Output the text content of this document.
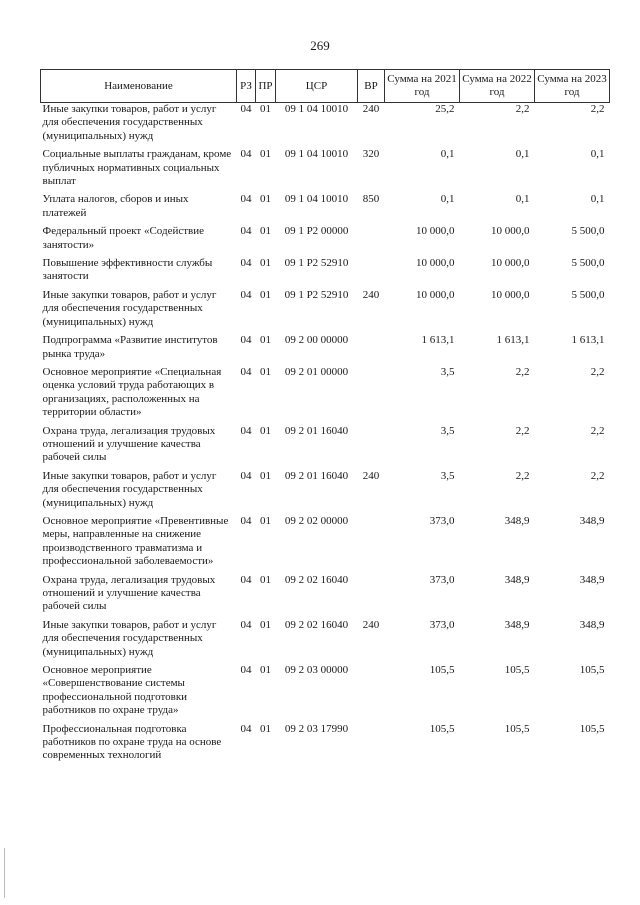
269
Наименование	РЗ	ПР	ЦСР	ВР	Сумма на 2021 год	Сумма на 2022 год	Сумма на 2023 год
Иные закупки товаров, работ и услуг для обеспечения государственных (муниципальных) нужд	04	01	09 1 04 10010	240	25,2	2,2	2,2
Социальные выплаты гражданам, кроме публичных нормативных социальных выплат	04	01	09 1 04 10010	320	0,1	0,1	0,1
Уплата налогов, сборов и иных платежей	04	01	09 1 04 10010	850	0,1	0,1	0,1
Федеральный проект «Содействие занятости»	04	01	09 1 P2 00000		10 000,0	10 000,0	5 500,0
Повышение эффективности службы занятости	04	01	09 1 P2 52910		10 000,0	10 000,0	5 500,0
Иные закупки товаров, работ и услуг для обеспечения государственных (муниципальных) нужд	04	01	09 1 P2 52910	240	10 000,0	10 000,0	5 500,0
Подпрограмма «Развитие институтов рынка труда»	04	01	09 2 00 00000		1 613,1	1 613,1	1 613,1
Основное мероприятие «Специальная оценка условий труда работающих в организациях, расположенных на территории области»	04	01	09 2 01 00000		3,5	2,2	2,2
Охрана труда, легализация трудовых отношений и улучшение качества рабочей силы	04	01	09 2 01 16040		3,5	2,2	2,2
Иные закупки товаров, работ и услуг для обеспечения государственных (муниципальных) нужд	04	01	09 2 01 16040	240	3,5	2,2	2,2
Основное мероприятие «Превентивные меры, направленные на снижение производственного травматизма и профессиональной заболеваемости»	04	01	09 2 02 00000		373,0	348,9	348,9
Охрана труда, легализация трудовых отношений и улучшение качества рабочей силы	04	01	09 2 02 16040		373,0	348,9	348,9
Иные закупки товаров, работ и услуг для обеспечения государственных (муниципальных) нужд	04	01	09 2 02 16040	240	373,0	348,9	348,9
Основное мероприятие «Совершенствование системы профессиональной подготовки работников по охране труда»	04	01	09 2 03 00000		105,5	105,5	105,5
Профессиональная подготовка работников по охране труда на основе современных технологий	04	01	09 2 03 17990		105,5	105,5	105,5
